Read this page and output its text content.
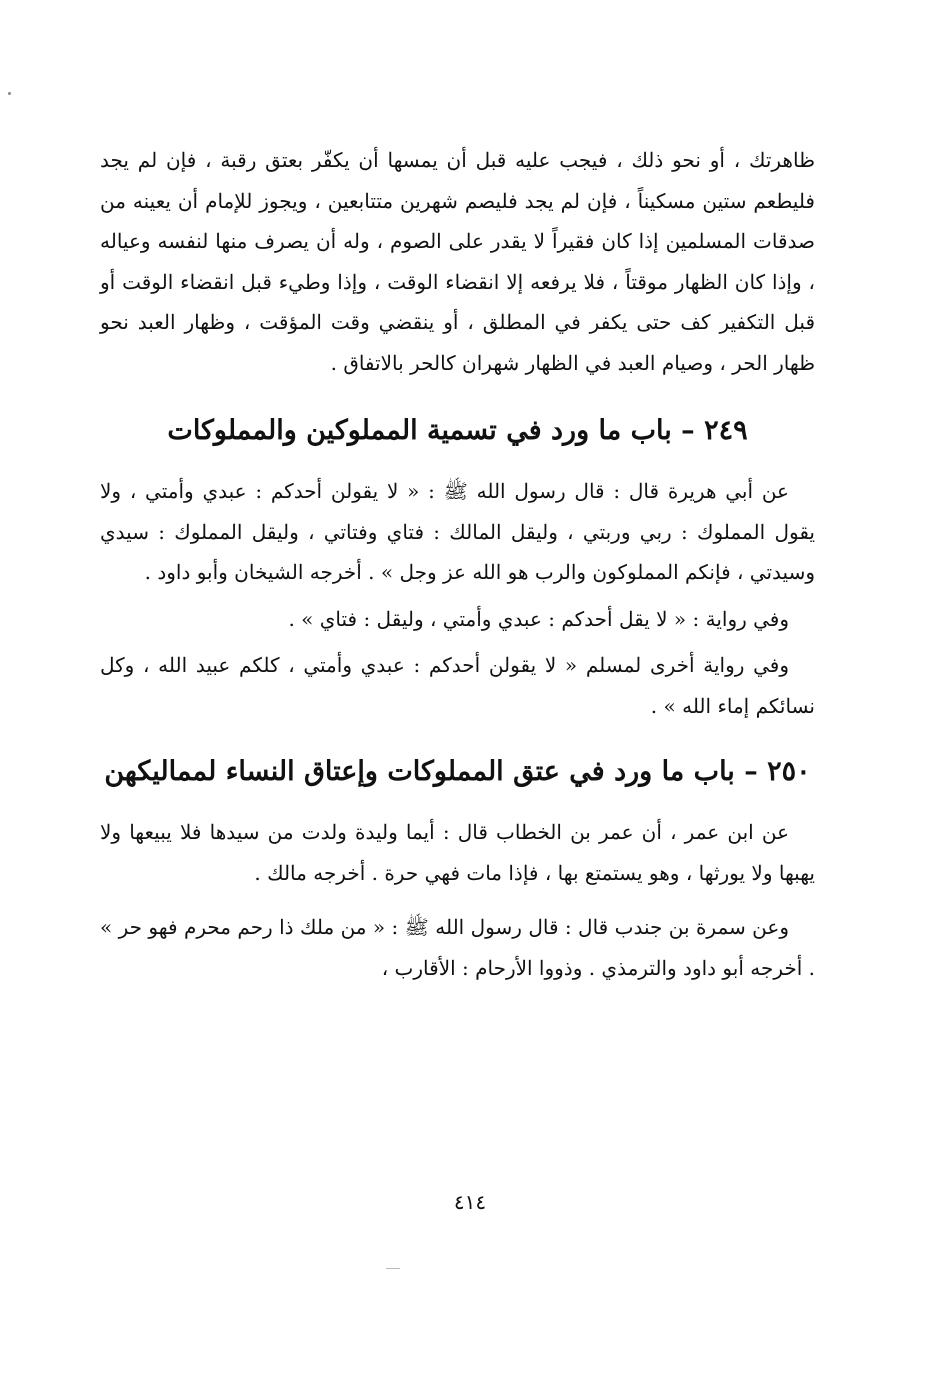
ظاهرتك ، أو نحو ذلك ، فيجب عليه قبل أن يمسها أن يكفّر بعتق رقبة ، فإن لم يجد فليطعم ستين مسكيناً ، فإن لم يجد فليصم شهرين متتابعين ، ويجوز للإمام أن يعينه من صدقات المسلمين إذا كان فقيراً لا يقدر على الصوم ، وله أن يصرف منها لنفسه وعياله ، وإذا كان الظهار موقتاً ، فلا يرفعه إلا انقضاء الوقت ، وإذا وطيء قبل انقضاء الوقت أو قبل التكفير كف حتى يكفر في المطلق ، أو ينقضي وقت المؤقت ، وظهار العبد نحو ظهار الحر ، وصيام العبد في الظهار شهران كالحر بالاتفاق .

٢٤٩ – باب ما ورد في تسمية المملوكين والمملوكات

عن أبي هريرة قال : قال رسول الله ﷺ : « لا يقولن أحدكم : عبدي وأمتي ، ولا يقول المملوك : ربي وربتي ، وليقل المالك : فتاي وفتاتي ، وليقل المملوك : سيدي وسيدتي ، فإنكم المملوكون والرب هو الله عز وجل » . أخرجه الشيخان وأبو داود .

وفي رواية : « لا يقل أحدكم : عبدي وأمتي ، وليقل : فتاي » .

وفي رواية أخرى لمسلم « لا يقولن أحدكم : عبدي وأمتي ، كلكم عبيد الله ، وكل نسائكم إماء الله » .

٢٥٠ – باب ما ورد في عتق المملوكات وإعتاق النساء لمماليكهن

عن ابن عمر ، أن عمر بن الخطاب قال : أيما وليدة ولدت من سيدها فلا يبيعها ولا يهبها ولا يورثها ، وهو يستمتع بها ، فإذا مات فهي حرة . أخرجه مالك .

وعن سمرة بن جندب قال : قال رسول الله ﷺ : « من ملك ذا رحم محرم فهو حر » . أخرجه أبو داود والترمذي . وذووا الأرحام : الأقارب ،

٤١٤
